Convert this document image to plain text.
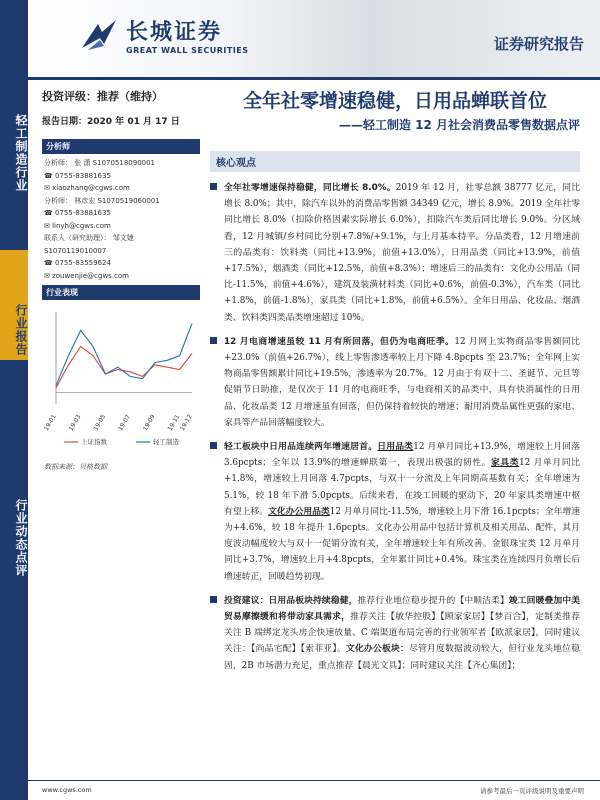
轻工制造行业
行业报告
行业动态点评
长城证券
GREAT WALL SECURITIES	证券研究报告
投资评级：推荐（维持）
报告日期：2020 年 01 月 17 日
分析师
分析师： 张 潇 S1070518090001
☎ 0755-83881635
✉ xiaozhang@cgws.com
分析师： 林彦宏 S1070519060001
☎ 0755-83881635
✉ linyh@cgws.com
联系人（研究助理）： 邹文婕
S1070119010007
☎ 0755-83559624
✉ zouwenjie@cgws.com
行业表现
19-01 19-03 19-05 19-07 19-09 19-11
19-12
上证指数	轻工制造
数据来源：贝格数据
全年社零增速稳健，日用品蝉联首位
——轻工制造 12 月社会消费品零售数据点评
核心观点
全年社零增速保持稳健，同比增长 8.0%。2019 年 12 月，社零总额 38777 亿元，同比增长 8.0%；其中，除汽车以外的消费品零售额 34349 亿元，增长 8.9%。2019 全年社零同比增长 8.0%（扣除价格因素实际增长 6.0%），扣除汽车类后同比增长 9.0%。分区域看，12 月城镇/乡村同比分别+7.8%/+9.1%，与上月基本持平。分品类看，12 月增速前三的品类有：饮料类（同比+13.9%，前值+13.0%），日用品类（同比+13.9%，前值+17.5%），烟酒类（同比+12.5%，前值+8.3%）；增速后三的品类有：文化办公用品（同比-11.5%，前值+4.6%），建筑及装潢材料类（同比+0.6%，前值-0.3%），汽车类（同比+1.8%，前值-1.8%），家具类（同比+1.8%，前值+6.5%）。全年日用品、化妆品、烟酒类、饮料类四类品类增速超过 10%。
12 月电商增速虽较 11 月有所回落，但仍为电商旺季。12 月网上实物商品零售额同比+23.0%（前值+26.7%），线上零售渗透率较上月下降 4.8pcpts 至 23.7%；全年网上实物商品零售额累计同比+19.5%，渗透率为 20.7%。12 月由于有双十二、圣诞节、元旦等促销节日助推，是仅次于 11 月的电商旺季，与电商相关的品类中，具有快消属性的日用品、化妆品类 12 月增速虽有回落，但仍保持着较快的增速；耐用消费品属性更强的家电、家具等产品回落幅度较大。
轻工板块中日用品连续两年增速居首。日用品类12 月单月同比+13.9%，增速较上月回落 3.6pcpts；全年以 13.9%的增速蝉联第一，表现出极强的韧性。家具类12 月单月同比+1.8%，增速较上月回落 4.7pcpts，与双十一分流及上年同期高基数有关；全年增速为 5.1%，较 18 年下滑 5.0pcpts。后续来看，在竣工回暖的驱动下，20 年家具类增速中枢有望上移。文化办公用品类12 月单月同比-11.5%，增速较上月下滑 16.1pcpts；全年增速为+4.6%，较 18 年提升 1.6pcpts。文化办公用品中包括计算机及相关用品、配件，其月度波动幅度较大与双十一促销分流有关，全年增速较上年有所改善。金银珠宝类 12 月单月同比+3.7%，增速较上月+4.8pcpts，全年累计同比+0.4%。珠宝类在连续四月负增长后增速转正，回暖趋势初现。
投资建议：日用品板块持续稳健，推荐行业地位稳步提升的【中顺洁柔】竣工回暖叠加中美贸易摩擦缓和将带动家具需求，推荐关注【敏华控股】【顾家家居】【梦百合】，定制类推荐关注 B 端绑定龙头房企快速放量、C 端渠道布局完善的行业领军者【欧派家居】，同时建议关注：【尚品宅配】【索菲亚】。文化办公板块：尽管月度数据波动较大，但行业龙头地位稳固，2B 市场潜力充足，重点推荐【晨光文具】；同时建议关注【齐心集团】；
www.cgws.com	请参考最后一页评级说明及重要声明
